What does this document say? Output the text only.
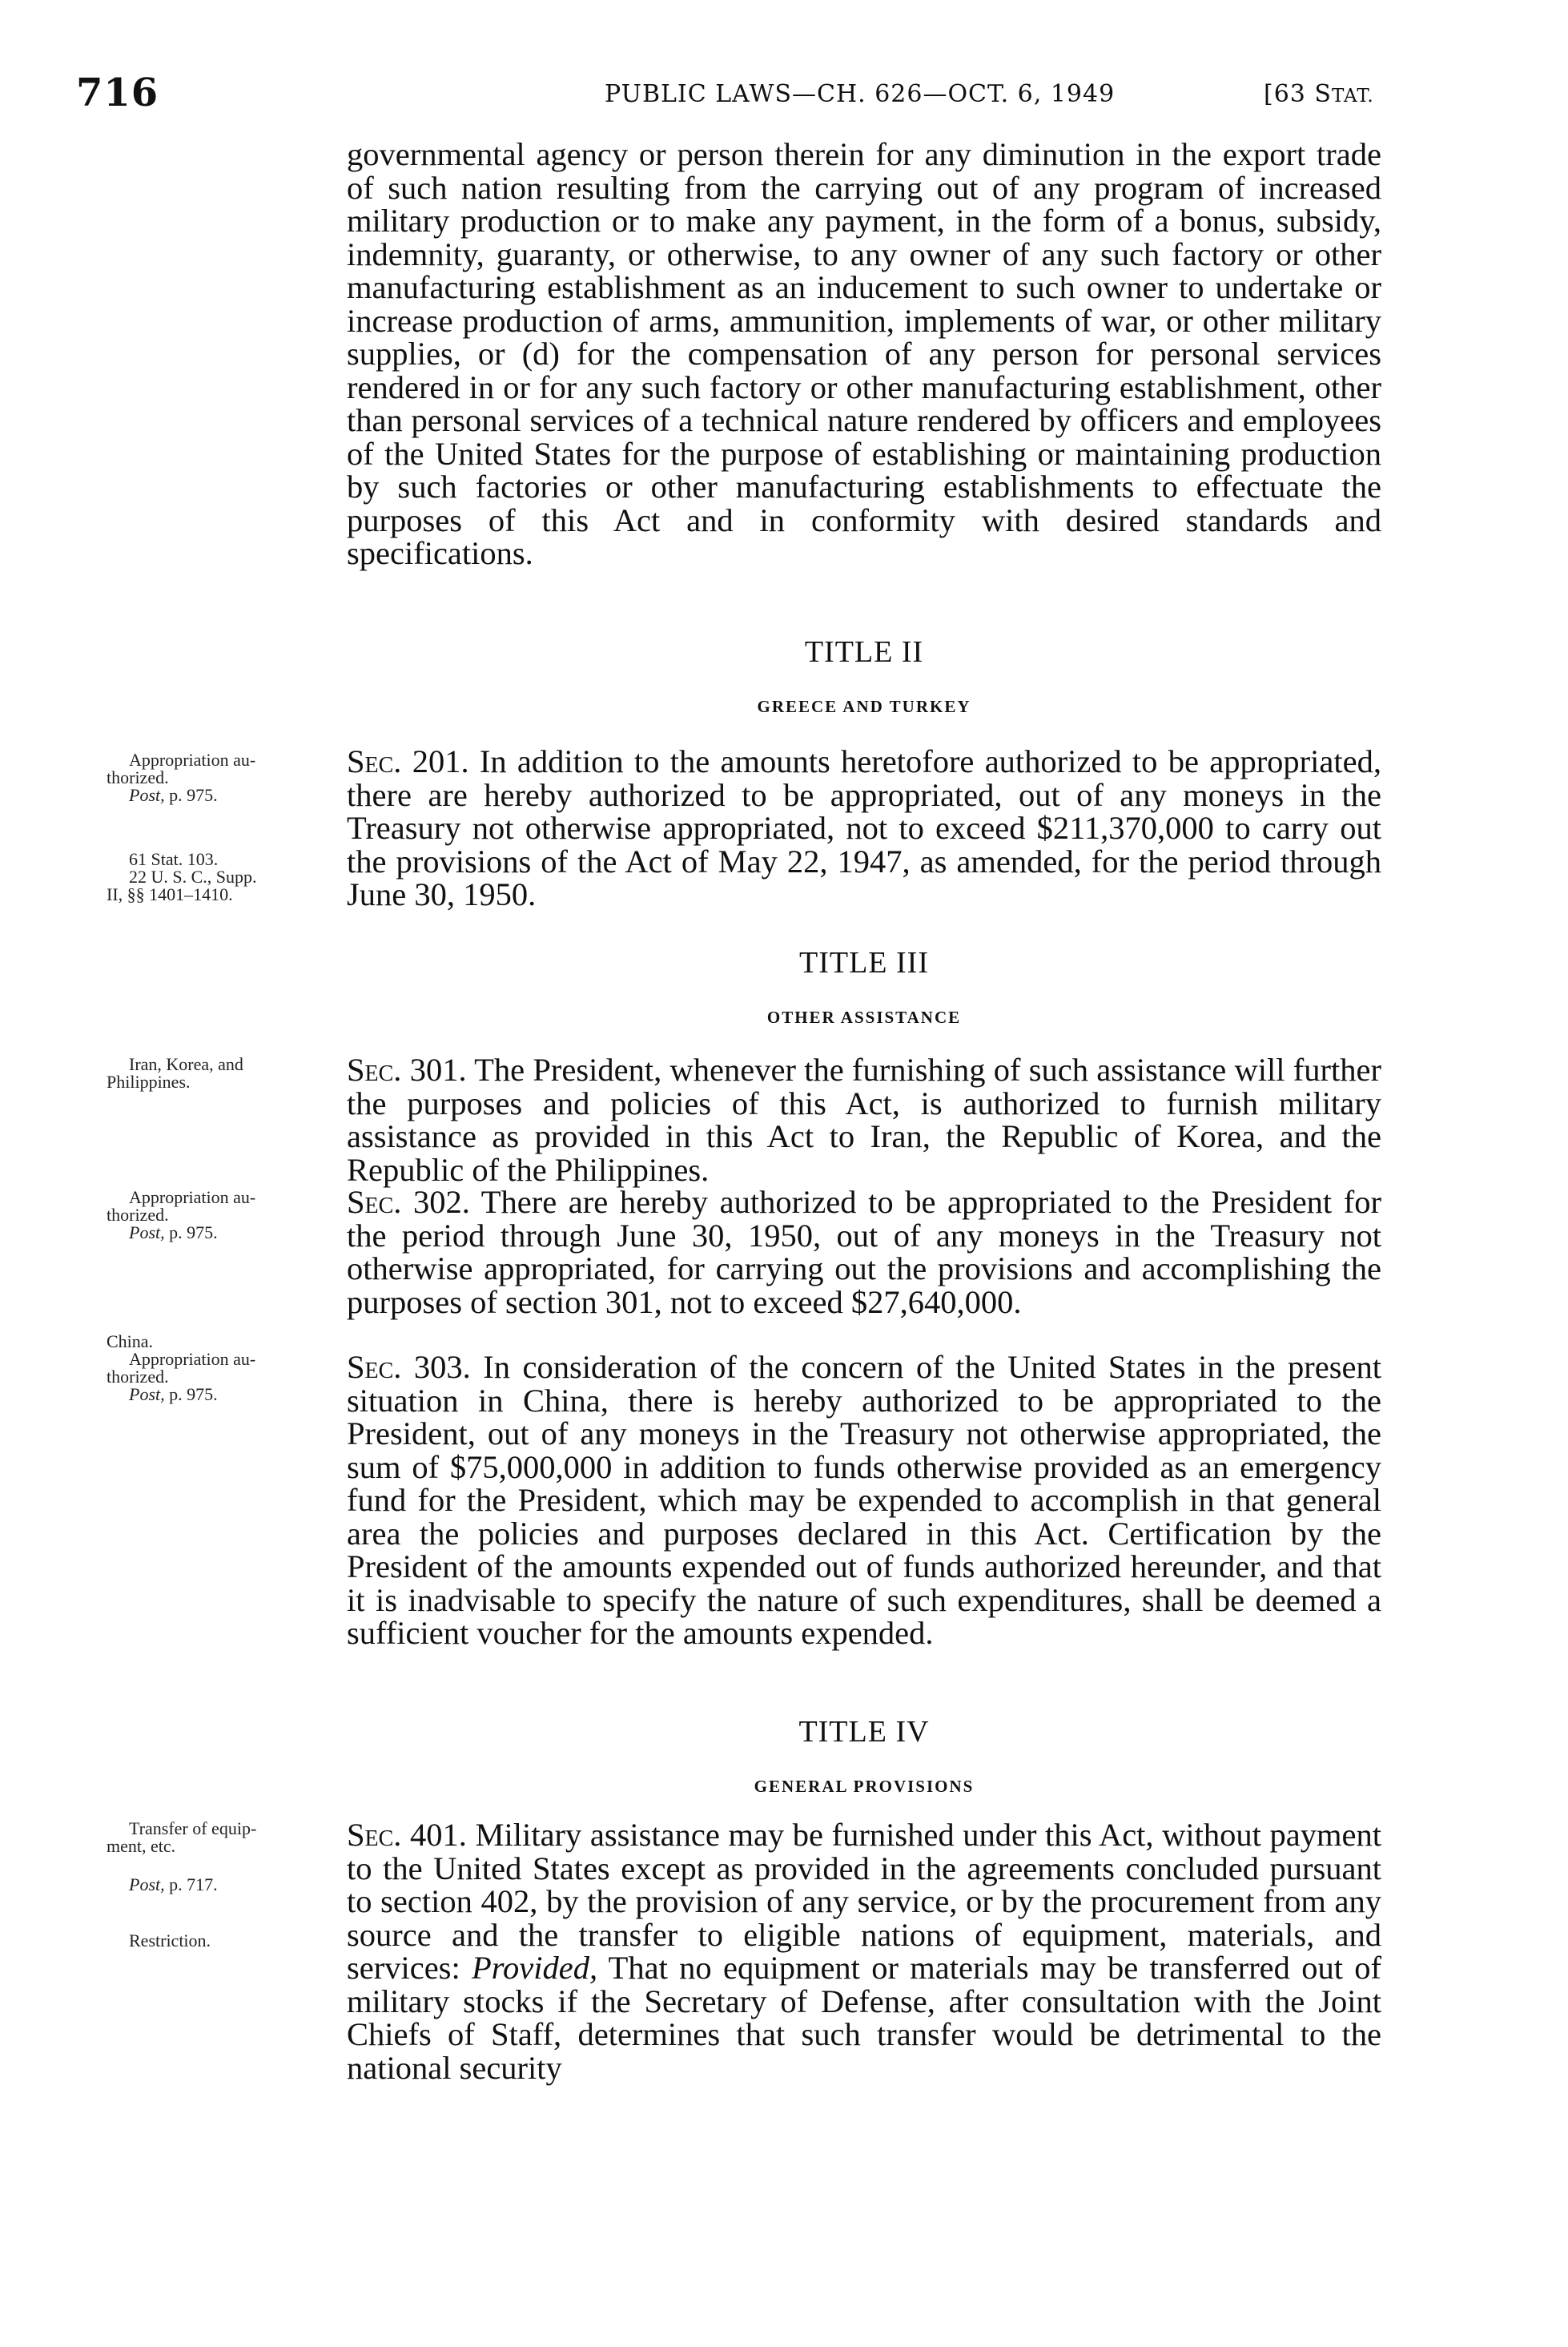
716	PUBLIC LAWS—CH. 626—OCT. 6, 1949	[63 STAT.

governmental agency or person therein for any diminution in the export trade of such nation resulting from the carrying out of any program of increased military production or to make any payment, in the form of a bonus, subsidy, indemnity, guaranty, or otherwise, to any owner of any such factory or other manufacturing establishment as an inducement to such owner to undertake or increase production of arms, ammunition, implements of war, or other military supplies, or (d) for the compensation of any person for personal services rendered in or for any such factory or other manufacturing establishment, other than personal services of a technical nature rendered by officers and employees of the United States for the purpose of establishing or maintaining production by such factories or other manufacturing establishments to effectuate the purposes of this Act and in conformity with desired standards and specifications.

TITLE II
GREECE AND TURKEY

Sec. 201. In addition to the amounts heretofore authorized to be appropriated, there are hereby authorized to be appropriated, out of any moneys in the Treasury not otherwise appropriated, not to exceed $211,370,000 to carry out the provisions of the Act of May 22, 1947, as amended, for the period through June 30, 1950.

TITLE III
OTHER ASSISTANCE

Sec. 301. The President, whenever the furnishing of such assistance will further the purposes and policies of this Act, is authorized to furnish military assistance as provided in this Act to Iran, the Republic of Korea, and the Republic of the Philippines.

Sec. 302. There are hereby authorized to be appropriated to the President for the period through June 30, 1950, out of any moneys in the Treasury not otherwise appropriated, for carrying out the provisions and accomplishing the purposes of section 301, not to exceed $27,640,000.

Sec. 303. In consideration of the concern of the United States in the present situation in China, there is hereby authorized to be appropriated to the President, out of any moneys in the Treasury not otherwise appropriated, the sum of $75,000,000 in addition to funds otherwise provided as an emergency fund for the President, which may be expended to accomplish in that general area the policies and purposes declared in this Act. Certification by the President of the amounts expended out of funds authorized hereunder, and that it is inadvisable to specify the nature of such expenditures, shall be deemed a sufficient voucher for the amounts expended.

TITLE IV
GENERAL PROVISIONS

Sec. 401. Military assistance may be furnished under this Act, without payment to the United States except as provided in the agreements concluded pursuant to section 402, by the provision of any service, or by the procurement from any source and the transfer to eligible nations of equipment, materials, and services: Provided, That no equipment or materials may be transferred out of military stocks if the Secretary of Defense, after consultation with the Joint Chiefs of Staff, determines that such transfer would be detrimental to the national security

Appropriation au-
thorized.
Post, p. 975.
61 Stat. 103.
22 U. S. C., Supp.
II, §§ 1401–1410.
Iran, Korea, and
Philippines.
Appropriation au-
thorized.
Post, p. 975.
China.
Appropriation au-
thorized.
Post, p. 975.
Transfer of equip-
ment, etc.
Post, p. 717.
Restriction.
